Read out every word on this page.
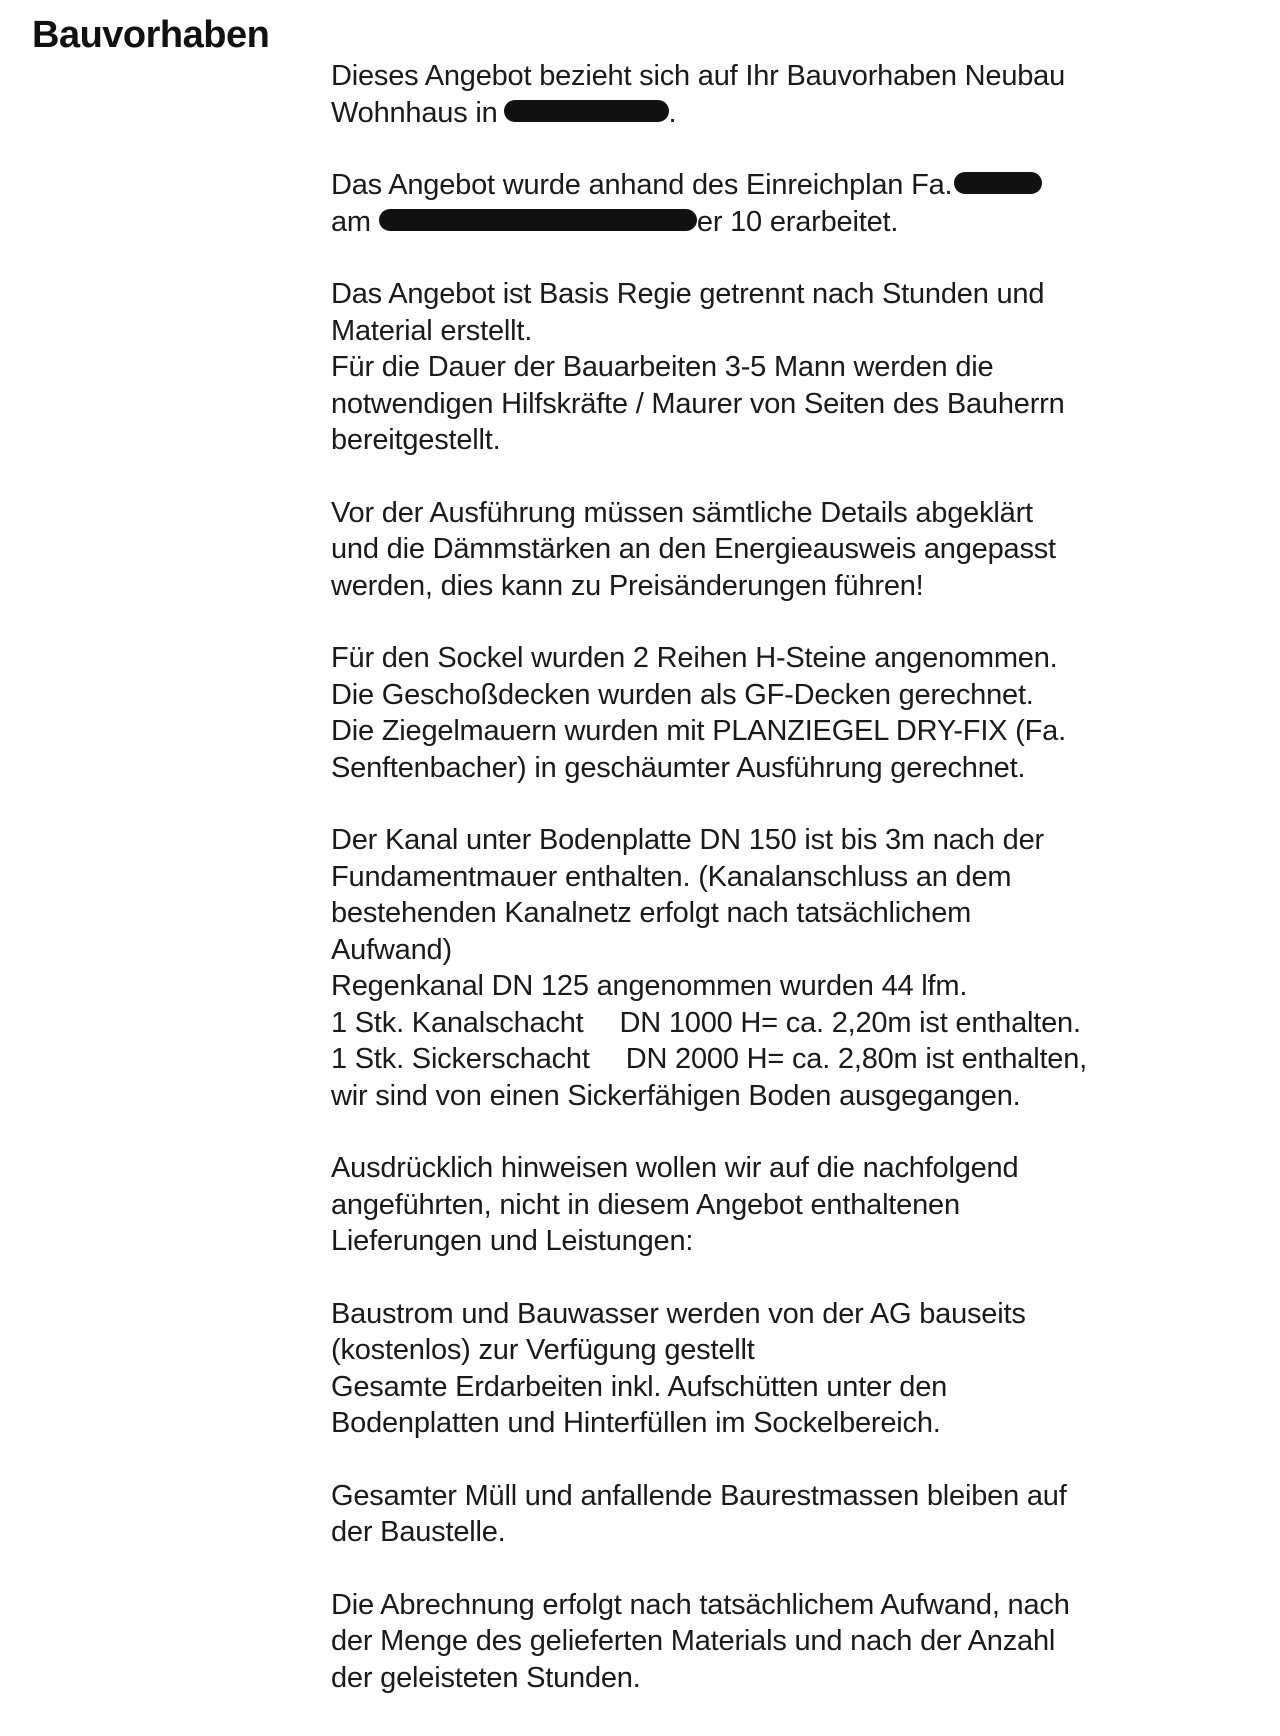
Bauvorhaben

Dieses Angebot bezieht sich auf Ihr Bauvorhaben Neubau
Wohnhaus in	.

Das Angebot wurde anhand des Einreichplan Fa.
am	er 10 erarbeitet.

Das Angebot ist Basis Regie getrennt nach Stunden und
Material erstellt.
Für die Dauer der Bauarbeiten 3-5 Mann werden die
notwendigen Hilfskräfte / Maurer von Seiten des Bauherrn
bereitgestellt.

Vor der Ausführung müssen sämtliche Details abgeklärt
und die Dämmstärken an den Energieausweis angepasst
werden, dies kann zu Preisänderungen führen!

Für den Sockel wurden 2 Reihen H-Steine angenommen.
Die Geschoßdecken wurden als GF-Decken gerechnet.
Die Ziegelmauern wurden mit PLANZIEGEL DRY-FIX (Fa.
Senftenbacher) in geschäumter Ausführung gerechnet.

Der Kanal unter Bodenplatte DN 150 ist bis 3m nach der
Fundamentmauer enthalten. (Kanalanschluss an dem
bestehenden Kanalnetz erfolgt nach tatsächlichem
Aufwand)
Regenkanal DN 125 angenommen wurden 44 lfm.
1 Stk. Kanalschacht DN 1000 H= ca. 2,20m ist enthalten.
1 Stk. Sickerschacht DN 2000 H= ca. 2,80m ist enthalten,
wir sind von einen Sickerfähigen Boden ausgegangen.

Ausdrücklich hinweisen wollen wir auf die nachfolgend
angeführten, nicht in diesem Angebot enthaltenen
Lieferungen und Leistungen:

Baustrom und Bauwasser werden von der AG bauseits
(kostenlos) zur Verfügung gestellt
Gesamte Erdarbeiten inkl. Aufschütten unter den
Bodenplatten und Hinterfüllen im Sockelbereich.

Gesamter Müll und anfallende Baurestmassen bleiben auf
der Baustelle.

Die Abrechnung erfolgt nach tatsächlichem Aufwand, nach
der Menge des gelieferten Materials und nach der Anzahl
der geleisteten Stunden.
